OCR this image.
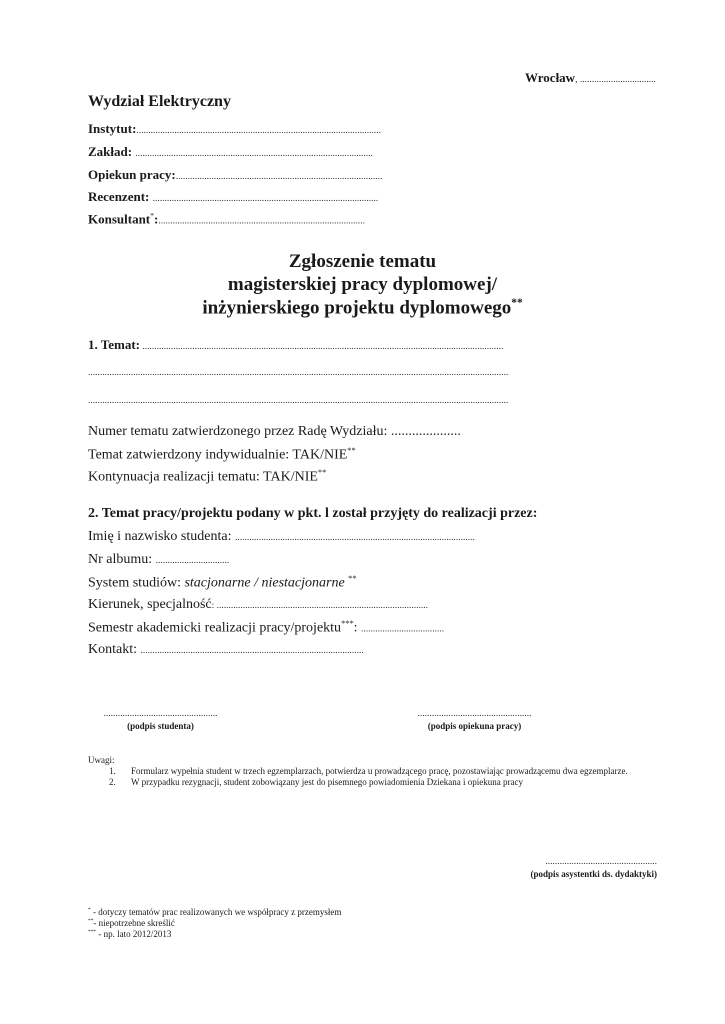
Wrocław, ................................
Wydział Elektryczny
Instytut:.......................................................................................................
Zakład: ....................................................................................................
Opiekun pracy:.......................................................................................
Recenzent: ...............................................................................................
Konsultant*:.......................................................................................
Zgłoszenie tematu
magisterskiej pracy dyplomowej/
inżynierskiego projektu dyplomowego**
1. Temat: ........................................................................................................................................................
.................................................................................................................................................................................
.................................................................................................................................................................................
Numer tematu zatwierdzonego przez Radę Wydziału: ....................
Temat zatwierdzony indywidualnie: TAK/NIE**
Kontynuacja realizacji tematu: TAK/NIE**
2. Temat pracy/projektu podany w pkt. l został przyjęty do realizacji przez:
Imię i nazwisko studenta: .....................................................................................................
Nr albumu: ...............................
System studiów: stacjonarne / niestacjonarne **
Kierunek, specjalność: .........................................................................................
Semestr akademicki realizacji pracy/projektu***: ...................................
Kontakt: ..............................................................................................
................................................
(podpis studenta)
................................................
(podpis opiekuna pracy)
Uwagi:
1. Formularz wypełnia student w trzech egzemplarzach, potwierdza u prowadzącego pracę, pozostawiając prowadzącemu dwa egzemplarze.
2. W przypadku rezygnacji, student zobowiązany jest do pisemnego powiadomienia Dziekana i opiekuna pracy
...............................................
(podpis asystentki ds. dydaktyki)
* - dotyczy tematów prac realizowanych we współpracy z przemysłem
**- niepotrzebne skreślić
*** - np. lato 2012/2013
